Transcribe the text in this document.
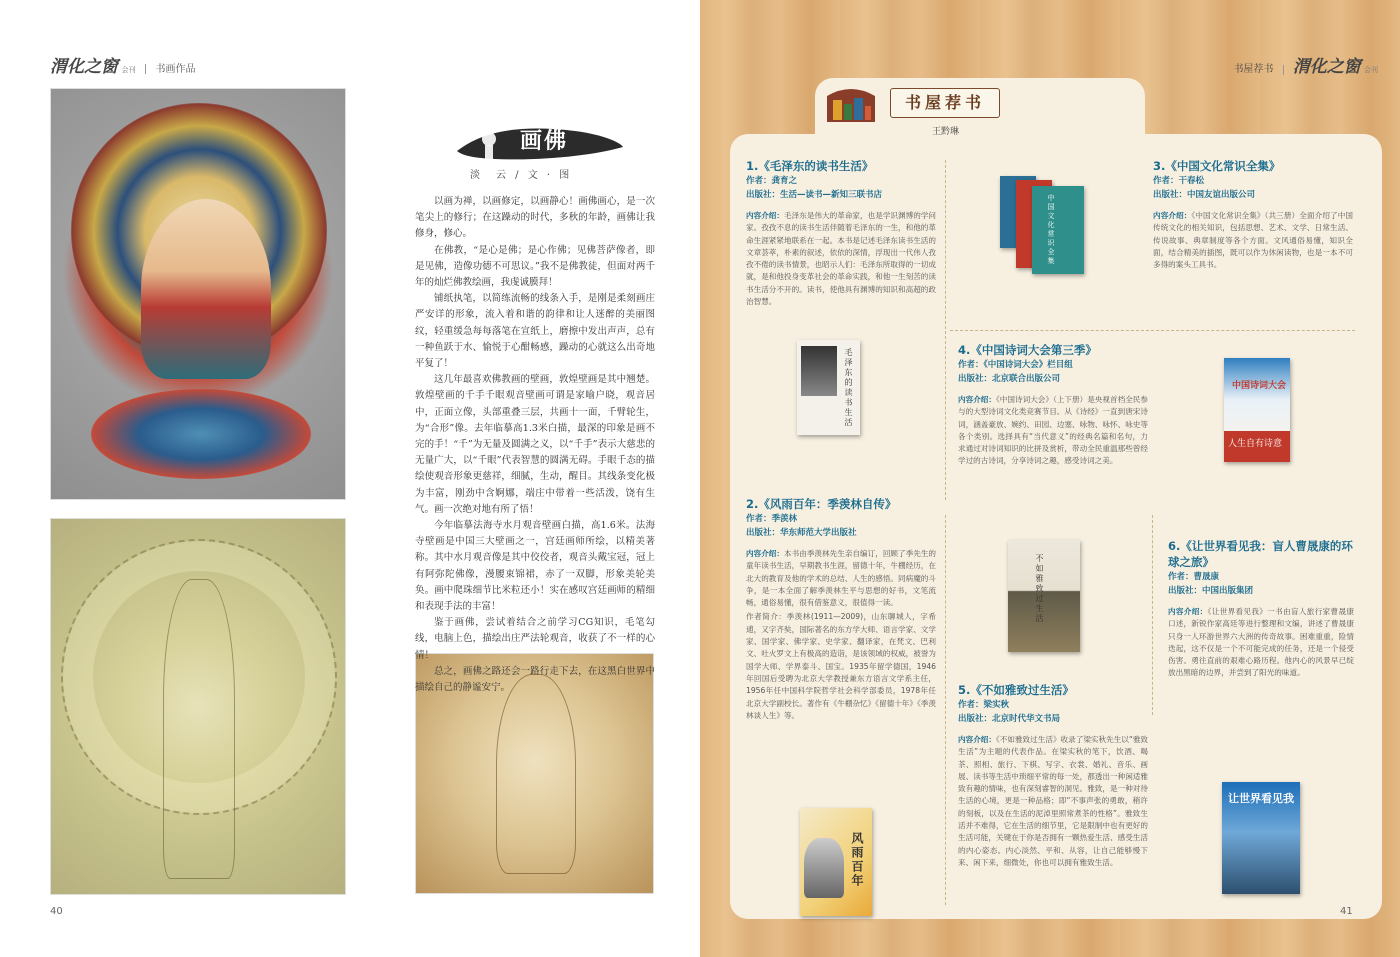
渭化之窗 会刊 书画作品
画佛
淡　云 / 文 · 图

以画为禅，以画修定，以画静心！画佛画心，是一次笔尖上的修行；在这躁动的时代，多秋的年龄，画佛让我修身，修心。

在佛教，“是心是佛；是心作佛；见佛菩萨像者，即是见佛，造像功德不可思议。”我不是佛教徒，但面对两千年的灿烂佛教绘画，我虔诚膜拜！

铺纸执笔，以简练流畅的线条入手，是刚是柔刻画庄严安详的形象，流入着和谐的韵律和让人迷醉的美丽图纹，轻重缓急每每落笔在宣纸上，磨擦中发出声声，总有一种鱼跃于水、愉悦于心酣畅感，躁动的心就这么出奇地平复了！

这几年最喜欢佛教画的壁画，敦煌壁画是其中翘楚。敦煌壁画的千手千眼观音壁画可谓是家喻户晓，观音居中，正面立像，头部重叠三层，共画十一面，千臂轮生，为“合形”像。去年临摹高1.3米白描，最深的印象是画不完的手！“千”为无量及圆满之义，以“千手”表示大慈悲的无量广大，以“千眼”代表智慧的圆满无碍。手眼千态的描绘使观音形象更慈祥，细腻，生动，醒目。其线条变化极为丰富，刚劲中含婀娜，端庄中带着一些活泼，饶有生气。画一次绝对地有所了悟！

今年临摹法海寺水月观音壁画白描，高1.6米。法海寺壁画是中国三大壁画之一，宫廷画师所绘，以精美著称。其中水月观音像是其中佼佼者，观音头戴宝冠，冠上有阿弥陀佛像，漫腰束锦裙，赤了一双脚，形象美轮美奂。画中爬珠细节比米粒还小！实在感叹宫廷画师的精细和表现手法的丰富！

鉴于画佛，尝试着结合之前学习CG知识，毛笔勾线，电脑上色，描绘出庄严法轮观音，收获了不一样的心情！

总之，画佛之路还会一路行走下去，在这黑白世界中描绘自己的静谧安宁。

40
书屋荐书 渭化之窗 会刊
书屋荐书
王黔琳
1.《毛泽东的读书生活》
作者：龚育之
出版社：生活—读书—新知三联书店
内容介绍：毛泽东是伟大的革命家，也是学识渊博的学问家。孜孜不息的读书生活伴随着毛泽东的一生，和他的革命生涯紧紧地联系在一起。本书是记述毛泽东读书生活的文章荟萃，朴素的叙述，依依的深情，浮现出一代伟人孜孜不倦的读书情景，也昭示人们：毛泽东所取得的一切成就，是和他投身变革社会的革命实践，和他一生刻苦的读书生活分不开的。读书，使他具有渊博的知识和高超的政治智慧。
毛泽东的读书生活
中国文化常识全集
3.《中国文化常识全集》
作者：干春松
出版社：中国友谊出版公司
内容介绍：《中国文化常识全集》（共三册）全面介绍了中国传统文化的相关知识，包括思想、艺术、文学、日常生活、传说故事、典章制度等各个方面。文风通俗易懂，知识全面，结合精美的插图，既可以作为休闲读物，也是一本不可多得的案头工具书。
4.《中国诗词大会第三季》
作者：《中国诗词大会》栏目组
出版社：北京联合出版公司
内容介绍：《中国诗词大会》（上下册）是央视首档全民参与的大型诗词文化类竞赛节目。从《诗经》一直到唐宋诗词，涵盖豪放、婉约、田园、边塞、咏物、咏怀、咏史等各个类别。选择具有“当代意义”的经典名篇和名句，力求通过对诗词知识的比拼及赏析，带动全民重温那些曾经学过的古诗词，分享诗词之趣，感受诗词之美。
中国诗词大会
人生自有诗意
2.《风雨百年：季羡林自传》
作者：季羡林
出版社：华东师范大学出版社
内容介绍：本书由季羡林先生亲自编订，回顾了季先生的童年读书生活，早期教书生涯，留德十年，牛棚经历，在北大的教育及他的学术的总结、人生的感悟。同病魔的斗争，是一本全面了解季羡林生平与思想的好书，文笔流畅，通俗易懂，很有借鉴意义，很值得一读。
作者简介：季羡林(1911—2009)，山东聊城人，字希逋，又字齐奘，国际著名的东方学大师、语言学家、文学家、国学家、佛学家、史学家、翻译家，在梵文、巴利文、吐火罗文上有极高的造诣，是该领域的权威，被誉为国学大师、学界泰斗、国宝。1935年留学德国，1946年回国后受聘为北京大学教授兼东方语言文学系主任，1956年任中国科学院哲学社会科学部委员，1978年任北京大学副校长。著作有《牛棚杂忆》《留德十年》《季羡林谈人生》等。
风雨百年
不如雅致过生活
5.《不如雅致过生活》
作者：梁实秋
出版社：北京时代华文书局
内容介绍：《不如雅致过生活》收录了梁实秋先生以“雅致生活”为主题的代表作品。在梁实秋的笔下，饮酒、喝茶、照相、旅行、下棋、写字、衣裳、婚礼、音乐、画展、读书等生活中琐细平常的每一处，都透出一种闲适雅致有趣的情味，也有深刻睿智的洞见。雅致，是一种对待生活的心境，更是一种品格；即“不事声张的勇敢，稍许的刻板，以及在生活的泥淖里照常煮茶的性格”。雅致生活并不难得，它在生活的细节里，它是限制中也有更好的生活可能，关键在于你是否拥有一颗热爱生活、感受生活的内心姿态。内心淡然、平和、从容，让自己能够慢下来、闲下来，细微处，你也可以拥有雅致生活。
6.《让世界看见我：盲人曹晟康的环球之旅》
作者：曹晟康
出版社：中国出版集团
内容介绍：《让世界看见我》一书由盲人旅行家曹晟康口述，新锐作家高廷等进行整理和文编，讲述了曹晟康只身一人环游世界六大洲的传奇故事。困难重重，险情迭起，这不仅是一个不可能完成的任务，还是一个侵受伤害、勇往直前的艰难心路历程。他内心的风景早已绽放出黑暗的边界，并尝到了阳光的味道。
让世界看见我
41
